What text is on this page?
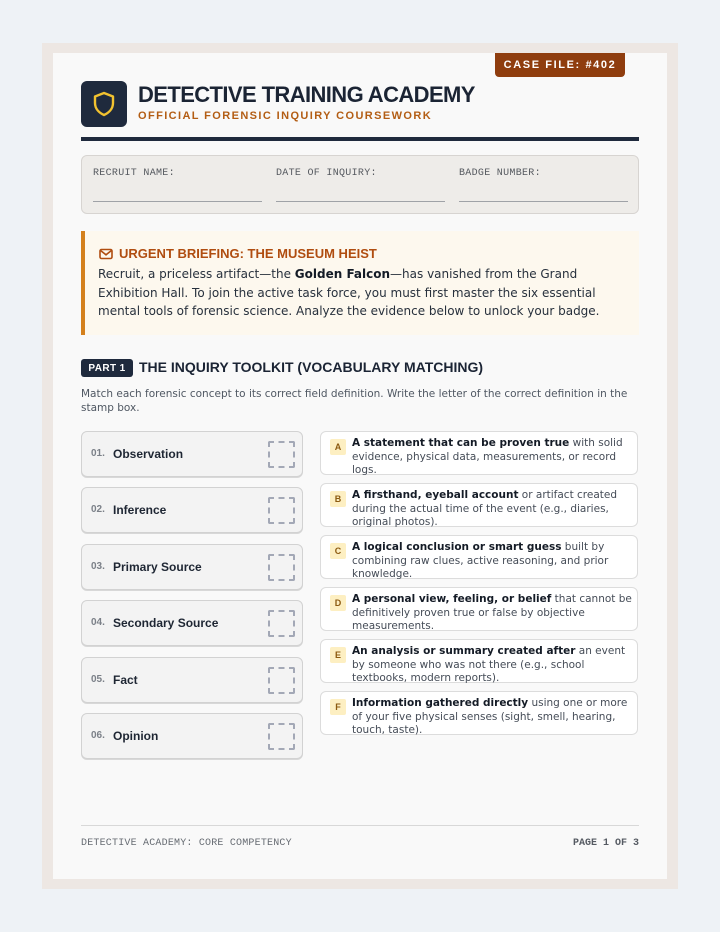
CASE FILE: #402
DETECTIVE TRAINING ACADEMY
OFFICIAL FORENSIC INQUIRY COURSEWORK
RECRUIT NAME:	DATE OF INQUIRY:	BADGE NUMBER:
URGENT BRIEFING: THE MUSEUM HEIST
Recruit, a priceless artifact—the Golden Falcon—has vanished from the Grand Exhibition Hall. To join the active task force, you must first master the six essential mental tools of forensic science. Analyze the evidence below to unlock your badge.
PART 1 THE INQUIRY TOOLKIT (VOCABULARY MATCHING)
Match each forensic concept to its correct field definition. Write the letter of the correct definition in the stamp box.
01. Observation
02. Inference
03. Primary Source
04. Secondary Source
05. Fact
06. Opinion
A	A statement that can be proven true with solid evidence, physical data, measurements, or record logs.
B	A firsthand, eyeball account or artifact created during the actual time of the event (e.g., diaries, original photos).
C	A logical conclusion or smart guess built by combining raw clues, active reasoning, and prior knowledge.
D	A personal view, feeling, or belief that cannot be definitively proven true or false by objective measurements.
E	An analysis or summary created after an event by someone who was not there (e.g., school textbooks, modern reports).
F	Information gathered directly using one or more of your five physical senses (sight, smell, hearing, touch, taste).
DETECTIVE ACADEMY: CORE COMPETENCY	PAGE 1 OF 3
